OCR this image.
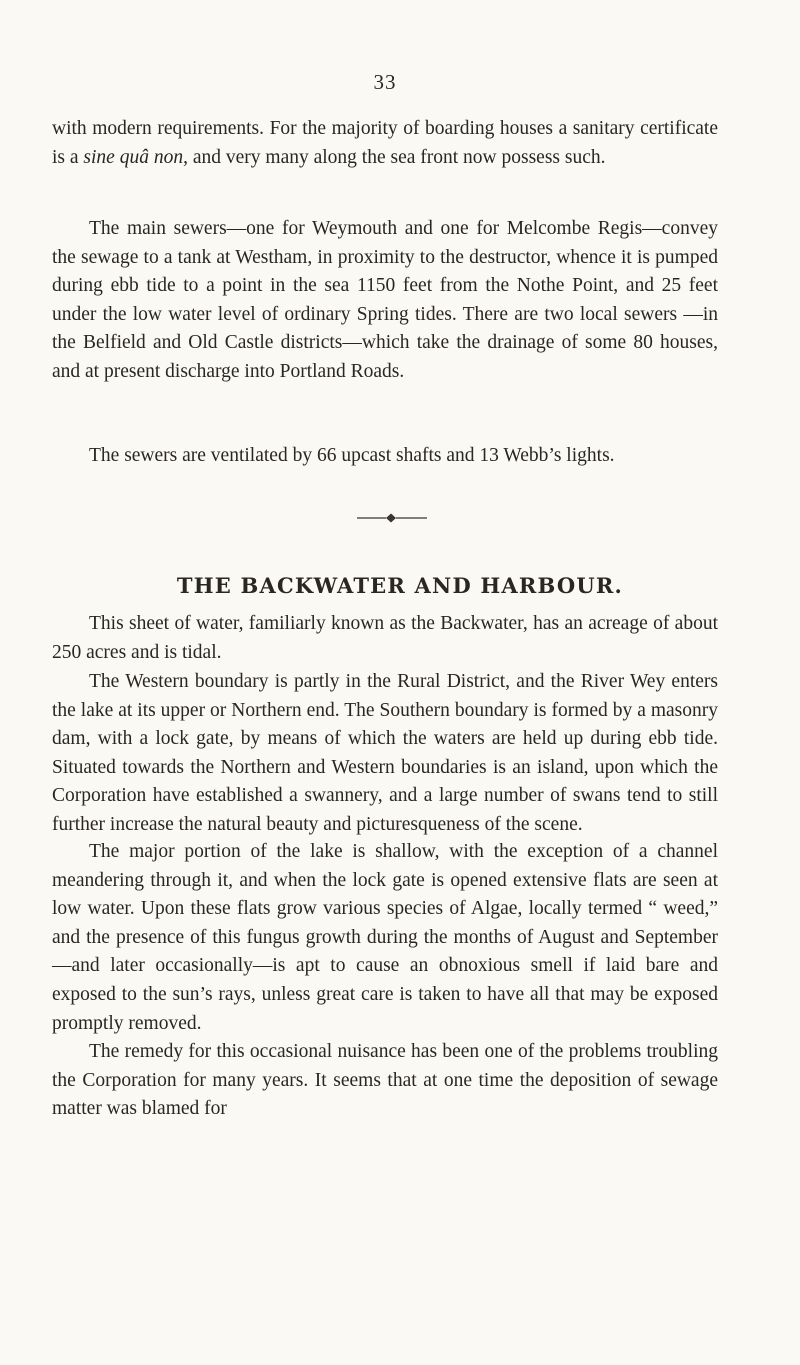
33

with modern requirements. For the majority of boarding houses a sanitary certificate is a sine quâ non, and very many along the sea front now possess such.

The main sewers—one for Weymouth and one for Melcombe Regis—convey the sewage to a tank at Westham, in proximity to the destructor, whence it is pumped during ebb tide to a point in the sea 1150 feet from the Nothe Point, and 25 feet under the low water level of ordinary Spring tides. There are two local sewers —in the Belfield and Old Castle districts—which take the drainage of some 80 houses, and at present discharge into Portland Roads.

The sewers are ventilated by 66 upcast shafts and 13 Webb’s lights.

THE BACKWATER AND HARBOUR.

This sheet of water, familiarly known as the Backwater, has an acreage of about 250 acres and is tidal.

The Western boundary is partly in the Rural District, and the River Wey enters the lake at its upper or Northern end. The Southern boundary is formed by a masonry dam, with a lock gate, by means of which the waters are held up during ebb tide. Situated towards the Northern and Western boundaries is an island, upon which the Corporation have established a swannery, and a large number of swans tend to still further increase the natural beauty and picturesqueness of the scene.

The major portion of the lake is shallow, with the exception of a channel meandering through it, and when the lock gate is opened extensive flats are seen at low water. Upon these flats grow various species of Algae, locally termed “ weed,” and the presence of this fungus growth during the months of August and September—and later occasionally—is apt to cause an obnoxious smell if laid bare and exposed to the sun’s rays, unless great care is taken to have all that may be exposed promptly removed.

The remedy for this occasional nuisance has been one of the problems troubling the Corporation for many years. It seems that at one time the deposition of sewage matter was blamed for
